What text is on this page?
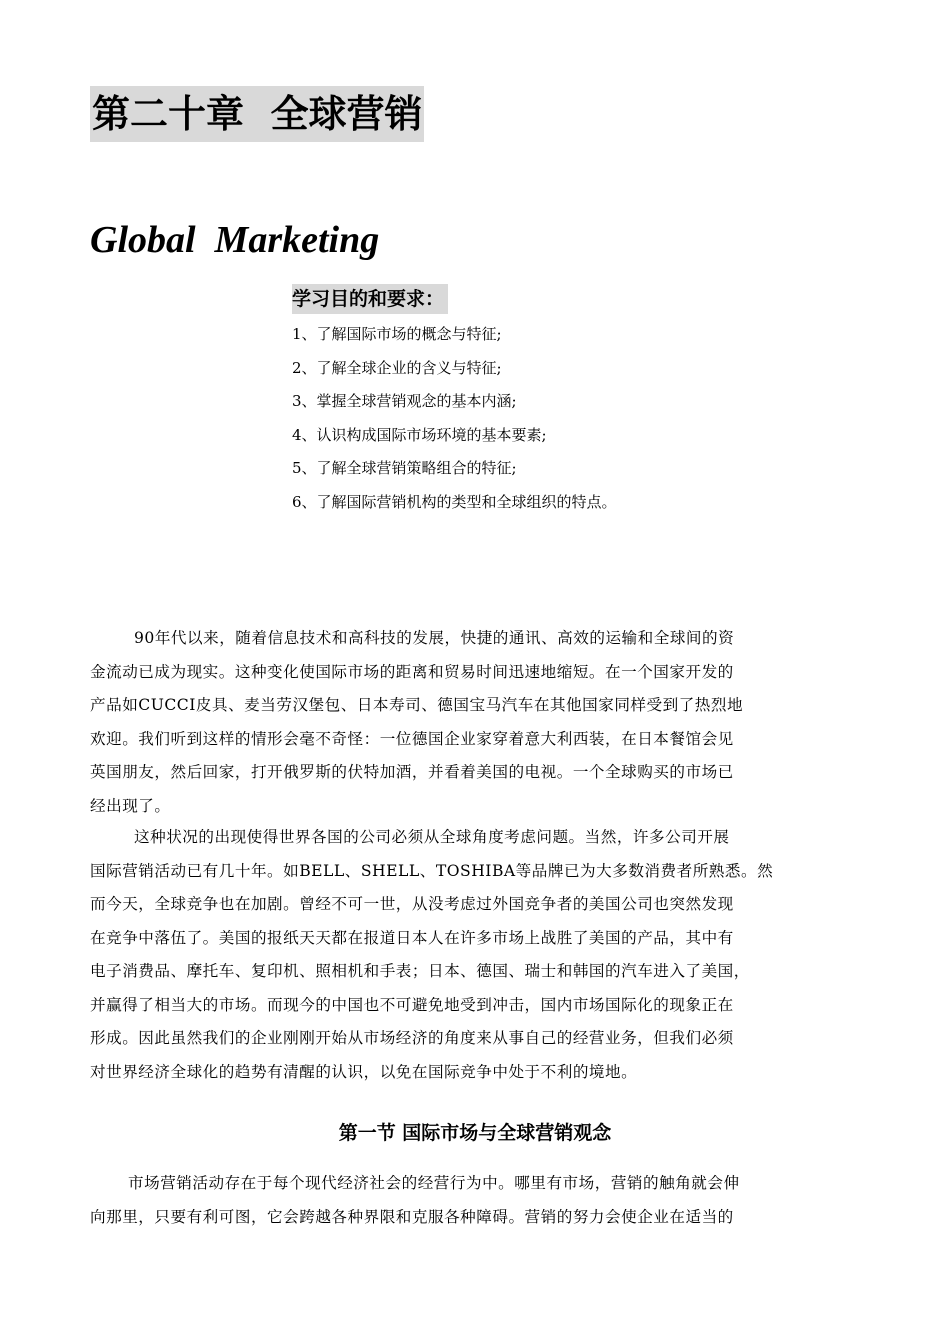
第二十章  全球营销
Global  Marketing
学习目的和要求：
1、了解国际市场的概念与特征;
2、了解全球企业的含义与特征;
3、掌握全球营销观念的基本内涵;
4、认识构成国际市场环境的基本要素;
5、了解全球营销策略组合的特征;
6、了解国际营销机构的类型和全球组织的特点。
90年代以来，随着信息技术和高科技的发展，快捷的通讯、高效的运输和全球间的资
金流动已成为现实。这种变化使国际市场的距离和贸易时间迅速地缩短。在一个国家开发的
产品如CUCCI皮具、麦当劳汉堡包、日本寿司、德国宝马汽车在其他国家同样受到了热烈地
欢迎。我们听到这样的情形会毫不奇怪：一位德国企业家穿着意大利西装，在日本餐馆会见
英国朋友，然后回家，打开俄罗斯的伏特加酒，并看着美国的电视。一个全球购买的市场已
经出现了。
这种状况的出现使得世界各国的公司必须从全球角度考虑问题。当然，许多公司开展
国际营销活动已有几十年。如BELL、SHELL、TOSHIBA等品牌已为大多数消费者所熟悉。然
而今天，全球竞争也在加剧。曾经不可一世，从没考虑过外国竞争者的美国公司也突然发现
在竞争中落伍了。美国的报纸天天都在报道日本人在许多市场上战胜了美国的产品，其中有
电子消费品、摩托车、复印机、照相机和手表；日本、德国、瑞士和韩国的汽车进入了美国，
并赢得了相当大的市场。而现今的中国也不可避免地受到冲击，国内市场国际化的现象正在
形成。因此虽然我们的企业刚刚开始从市场经济的角度来从事自己的经营业务，但我们必须
对世界经济全球化的趋势有清醒的认识，以免在国际竞争中处于不利的境地。
第一节 国际市场与全球营销观念
市场营销活动存在于每个现代经济社会的经营行为中。哪里有市场，营销的触角就会伸
向那里，只要有利可图，它会跨越各种界限和克服各种障碍。营销的努力会使企业在适当的
